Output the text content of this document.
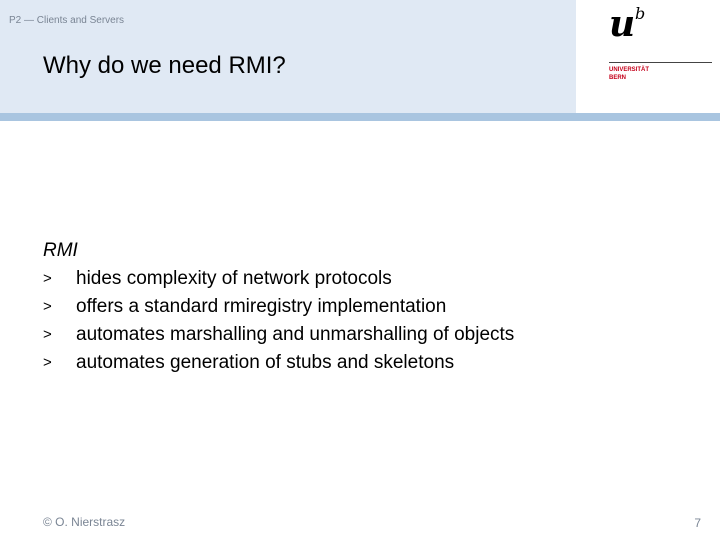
P2 — Clients and Servers
Why do we need RMI?
u b
UNIVERSITÄT
BERN
RMI
>	hides complexity of network protocols
>	offers a standard rmiregistry implementation
>	automates marshalling and unmarshalling of objects
>	automates generation of stubs and skeletons
© O. Nierstrasz	7
